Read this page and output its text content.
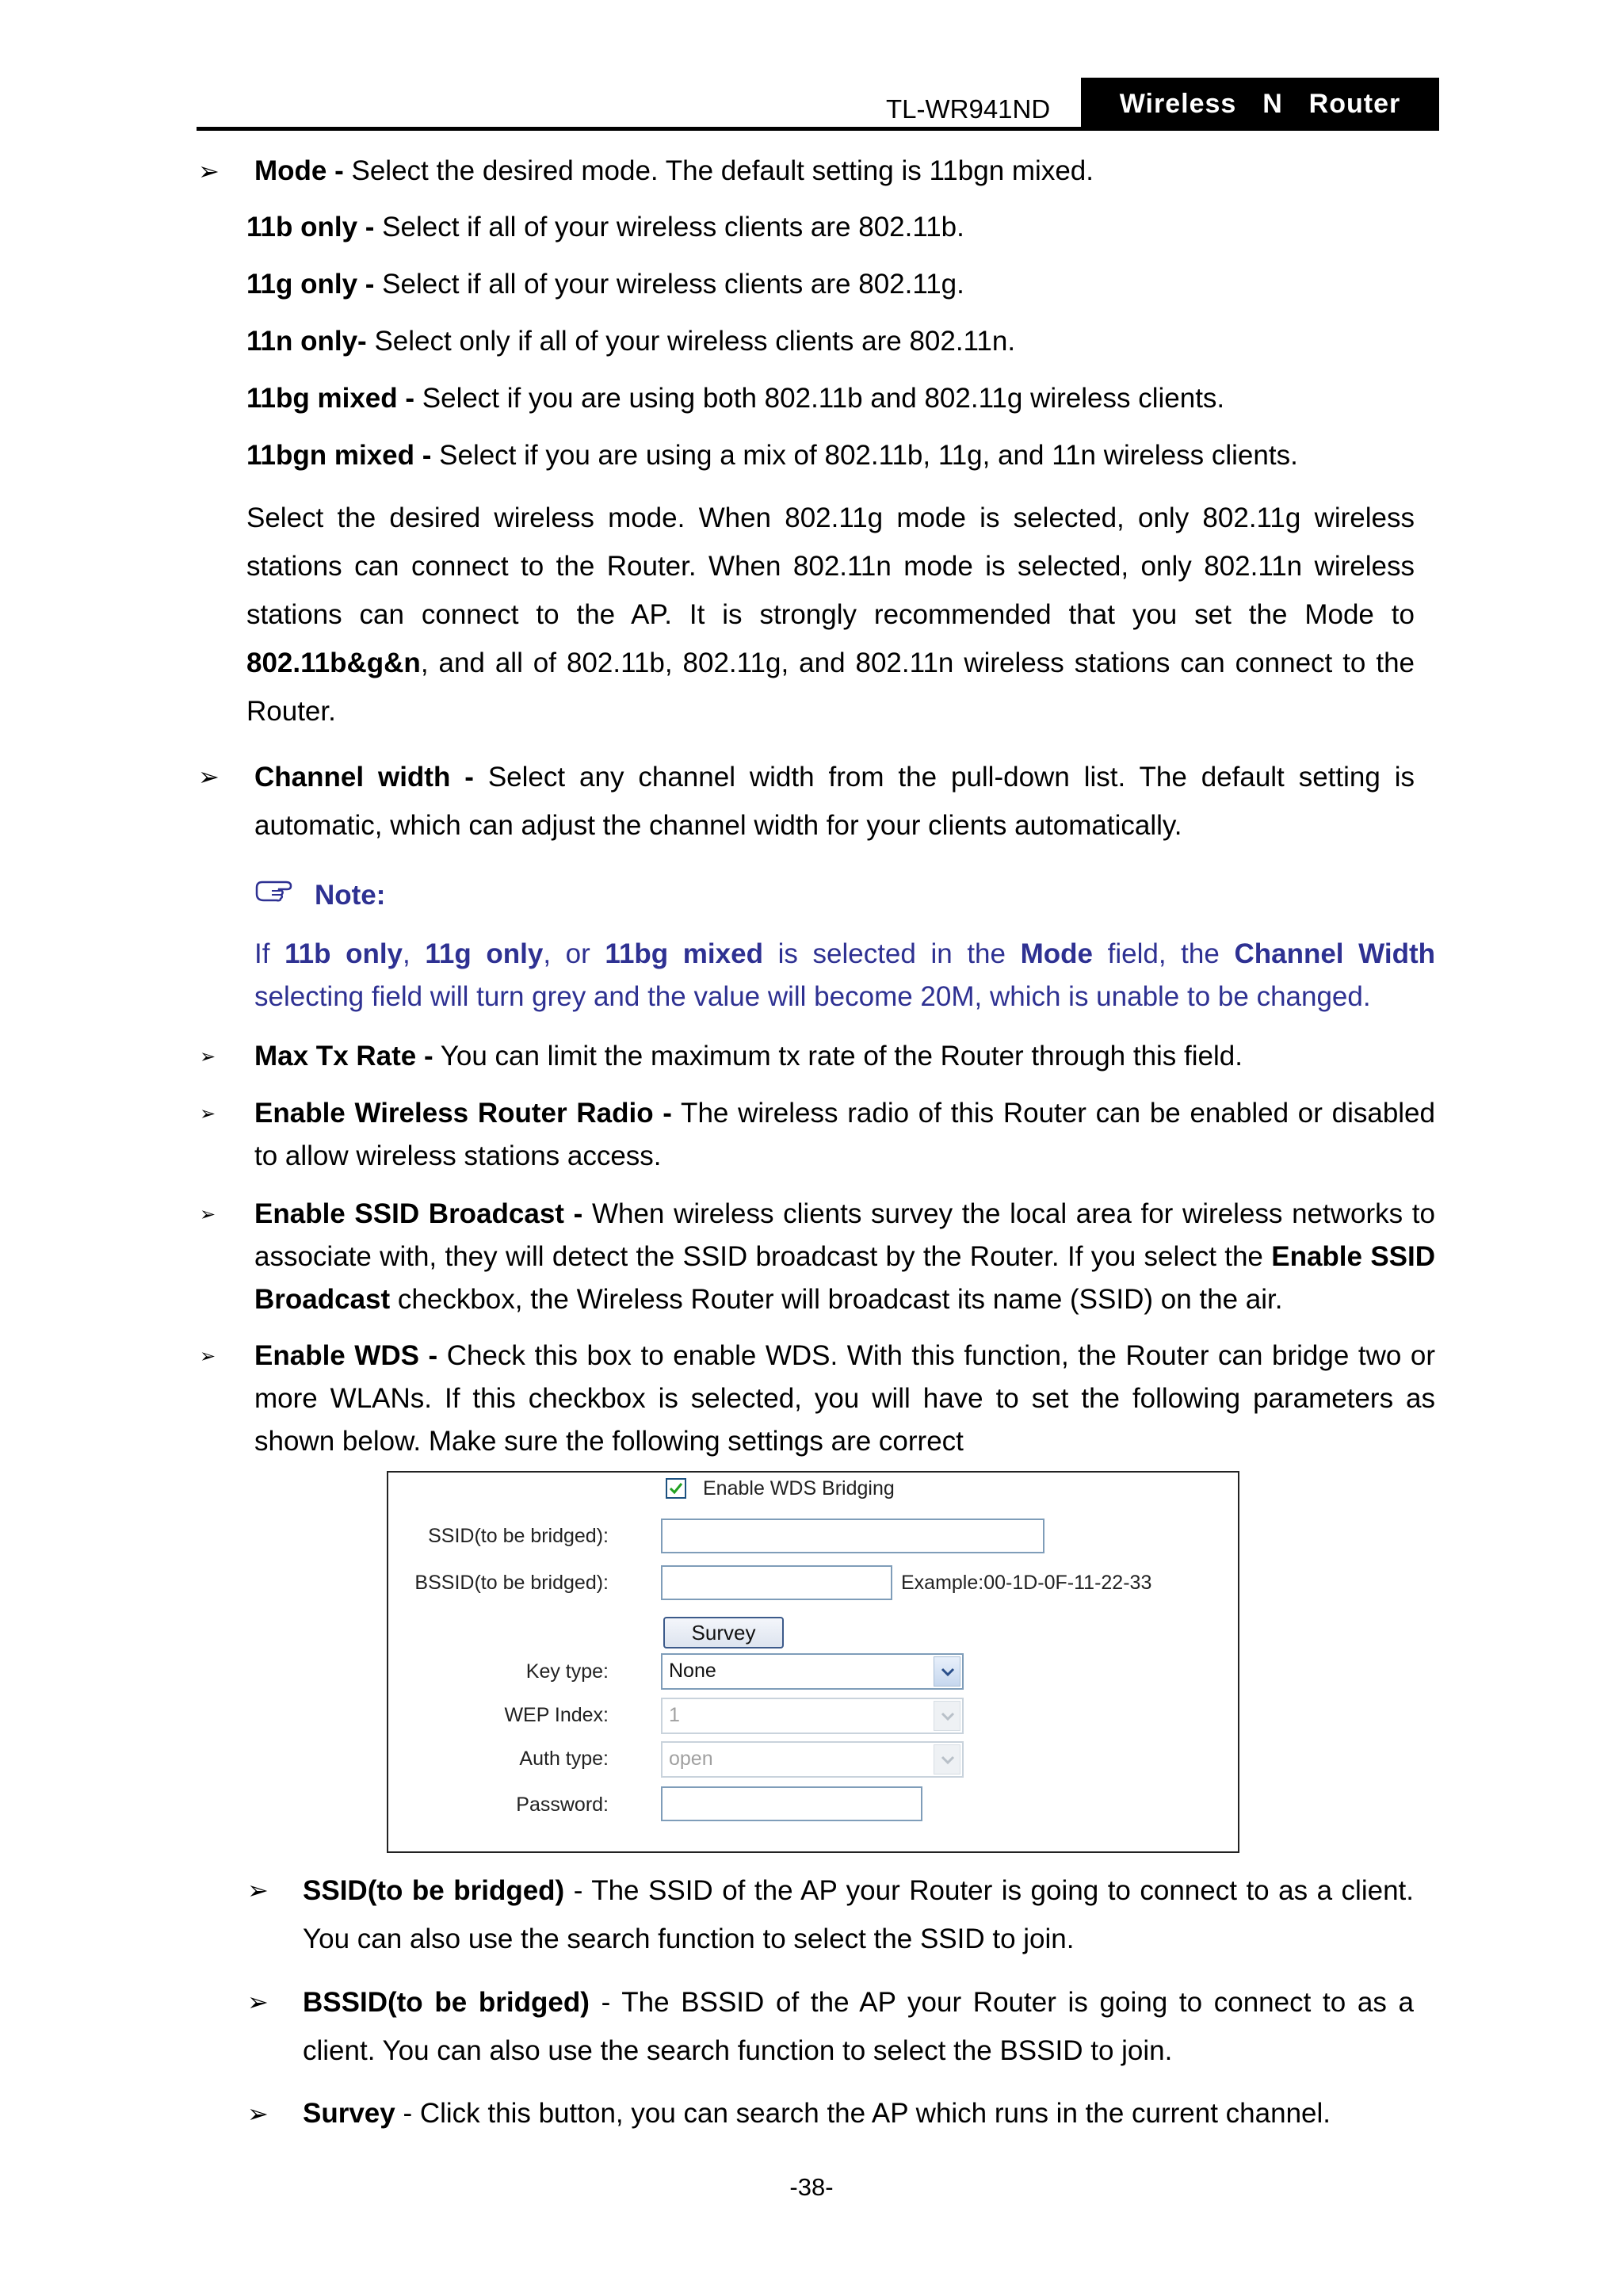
TL-WR941ND	Wireless  N  Router
➢ Mode - Select the desired mode. The default setting is 11bgn mixed.
11b only - Select if all of your wireless clients are 802.11b.
11g only - Select if all of your wireless clients are 802.11g.
11n only- Select only if all of your wireless clients are 802.11n.
11bg mixed - Select if you are using both 802.11b and 802.11g wireless clients.
11bgn mixed - Select if you are using a mix of 802.11b, 11g, and 11n wireless clients.
Select the desired wireless mode. When 802.11g mode is selected, only 802.11g wireless stations can connect to the Router. When 802.11n mode is selected, only 802.11n wireless stations can connect to the AP. It is strongly recommended that you set the Mode to 802.11b&g&n, and all of 802.11b, 802.11g, and 802.11n wireless stations can connect to the Router.
➢ Channel width - Select any channel width from the pull-down list. The default setting is automatic, which can adjust the channel width for your clients automatically.
Note:
If 11b only, 11g only, or 11bg mixed is selected in the Mode field, the Channel Width selecting field will turn grey and the value will become 20M, which is unable to be changed.
➢ Max Tx Rate - You can limit the maximum tx rate of the Router through this field.
➢ Enable Wireless Router Radio - The wireless radio of this Router can be enabled or disabled to allow wireless stations access.
➢ Enable SSID Broadcast - When wireless clients survey the local area for wireless networks to associate with, they will detect the SSID broadcast by the Router. If you select the Enable SSID Broadcast checkbox, the Wireless Router will broadcast its name (SSID) on the air.
➢ Enable WDS - Check this box to enable WDS. With this function, the Router can bridge two or more WLANs. If this checkbox is selected, you will have to set the following parameters as shown below. Make sure the following settings are correct
Enable WDS Bridging
SSID(to be bridged):
BSSID(to be bridged):	Example:00-1D-0F-11-22-33
Survey
Key type:	None
WEP Index:	1
Auth type:	open
Password:
➢ SSID(to be bridged) - The SSID of the AP your Router is going to connect to as a client. You can also use the search function to select the SSID to join.
➢ BSSID(to be bridged) - The BSSID of the AP your Router is going to connect to as a client. You can also use the search function to select the BSSID to join.
➢ Survey - Click this button, you can search the AP which runs in the current channel.
-38-
